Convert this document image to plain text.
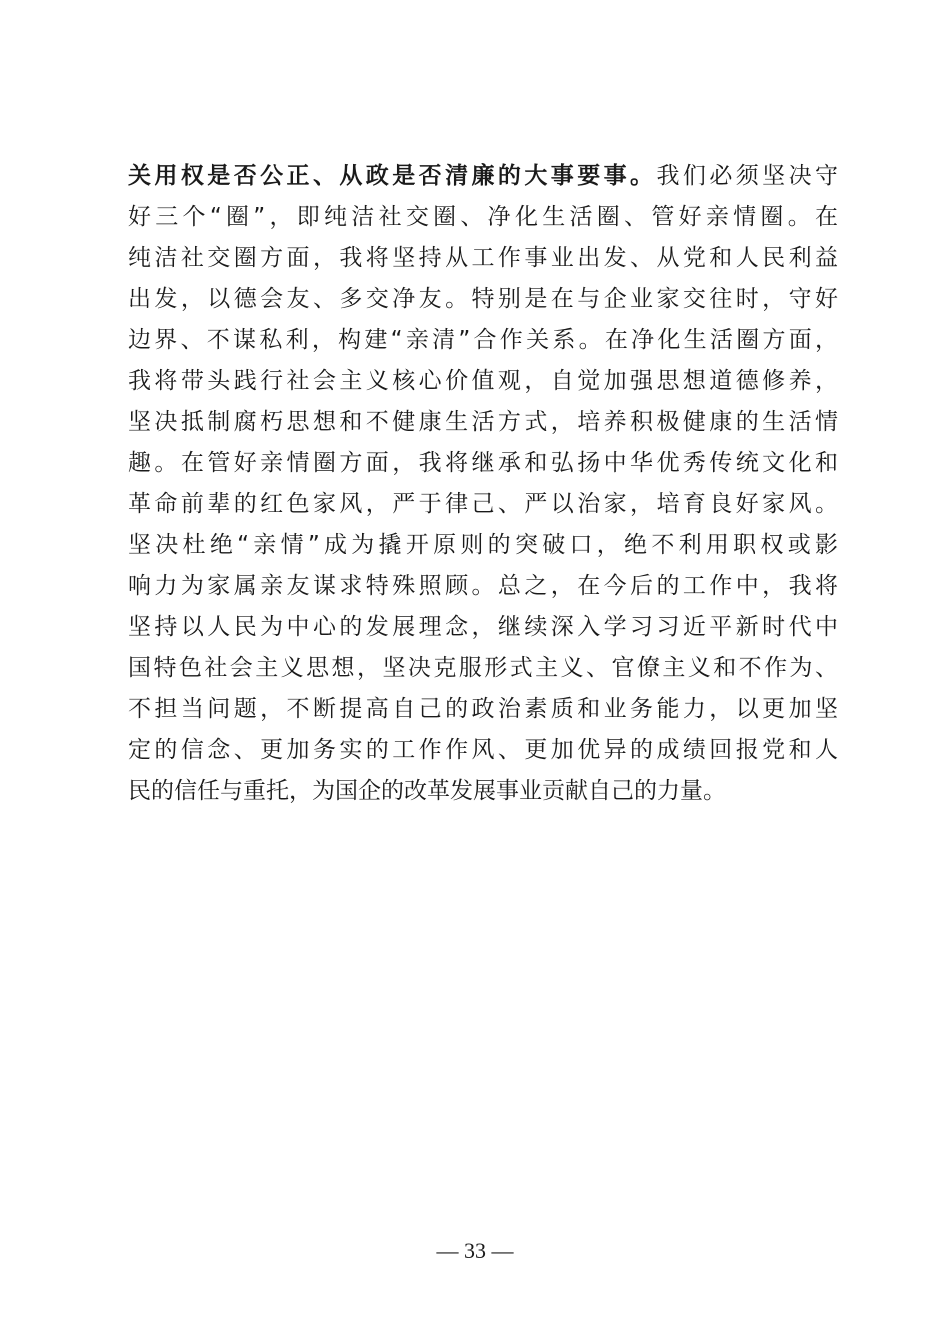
关用权是否公正、从政是否清廉的大事要事。我们必须坚决守
好三个“圈”，即纯洁社交圈、净化生活圈、管好亲情圈。在
纯洁社交圈方面，我将坚持从工作事业出发、从党和人民利益
出发，以德会友、多交净友。特别是在与企业家交往时，守好
边界、不谋私利，构建“亲清”合作关系。在净化生活圈方面，
我将带头践行社会主义核心价值观，自觉加强思想道德修养，
坚决抵制腐朽思想和不健康生活方式，培养积极健康的生活情
趣。在管好亲情圈方面，我将继承和弘扬中华优秀传统文化和
革命前辈的红色家风，严于律己、严以治家，培育良好家风。
坚决杜绝“亲情”成为撬开原则的突破口，绝不利用职权或影
响力为家属亲友谋求特殊照顾。总之，在今后的工作中，我将
坚持以人民为中心的发展理念，继续深入学习习近平新时代中
国特色社会主义思想，坚决克服形式主义、官僚主义和不作为、
不担当问题，不断提高自己的政治素质和业务能力，以更加坚
定的信念、更加务实的工作作风、更加优异的成绩回报党和人
民的信任与重托，为国企的改革发展事业贡献自己的力量。
— 33 —
